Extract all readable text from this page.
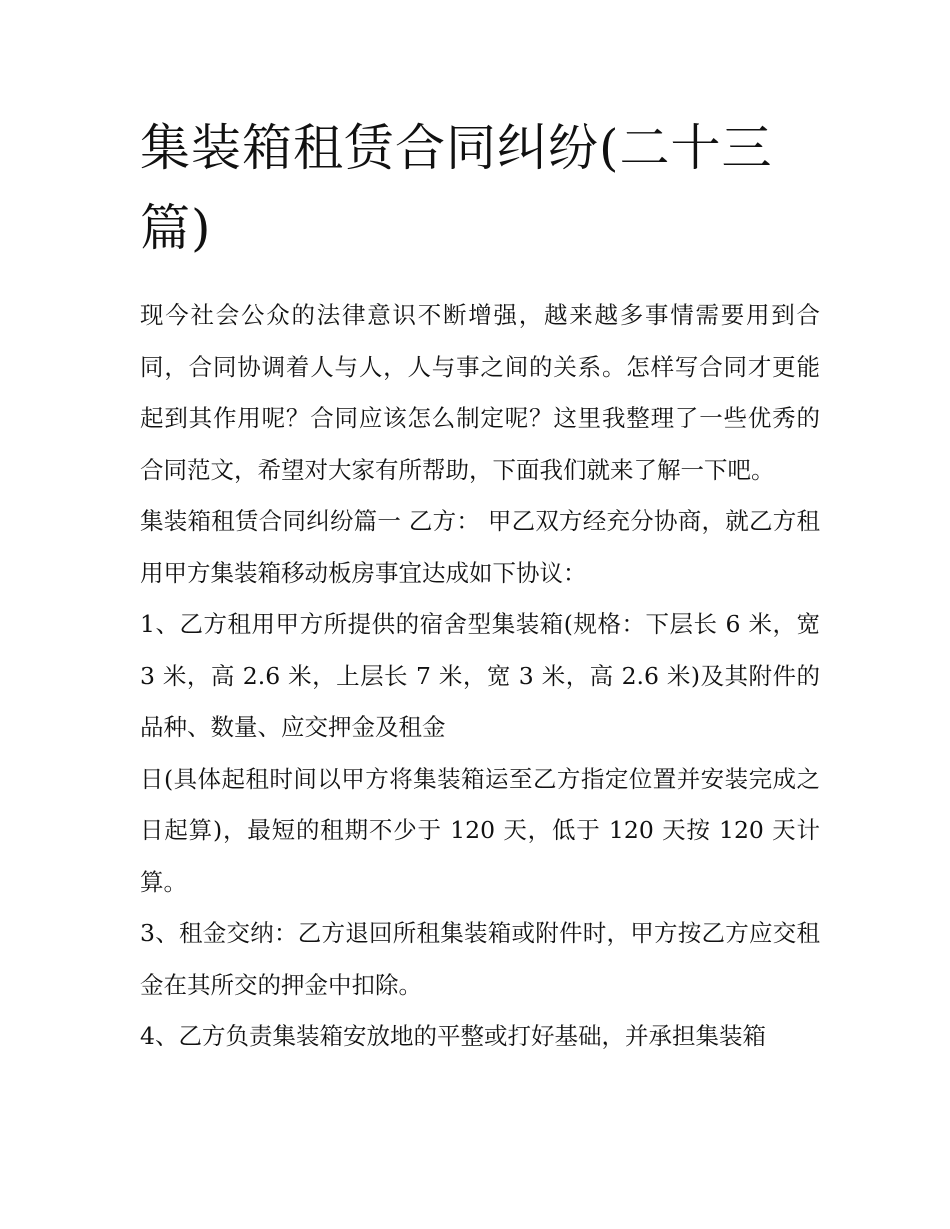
集装箱租赁合同纠纷(二十三篇)

现今社会公众的法律意识不断增强，越来越多事情需要用到合同，合同协调着人与人，人与事之间的关系。怎样写合同才更能起到其作用呢？合同应该怎么制定呢？这里我整理了一些优秀的合同范文，希望对大家有所帮助，下面我们就来了解一下吧。

集装箱租赁合同纠纷篇一 乙方： 甲乙双方经充分协商，就乙方租用甲方集装箱移动板房事宜达成如下协议：

1、乙方租用甲方所提供的宿舍型集装箱(规格：下层长 6 米，宽 3 米，高 2.6 米，上层长 7 米，宽 3 米，高 2.6 米)及其附件的品种、数量、应交押金及租金

日(具体起租时间以甲方将集装箱运至乙方指定位置并安装完成之日起算)，最短的租期不少于 120 天，低于 120 天按 120 天计算。

3、租金交纳：乙方退回所租集装箱或附件时，甲方按乙方应交租金在其所交的押金中扣除。

4、乙方负责集装箱安放地的平整或打好基础，并承担集装箱
